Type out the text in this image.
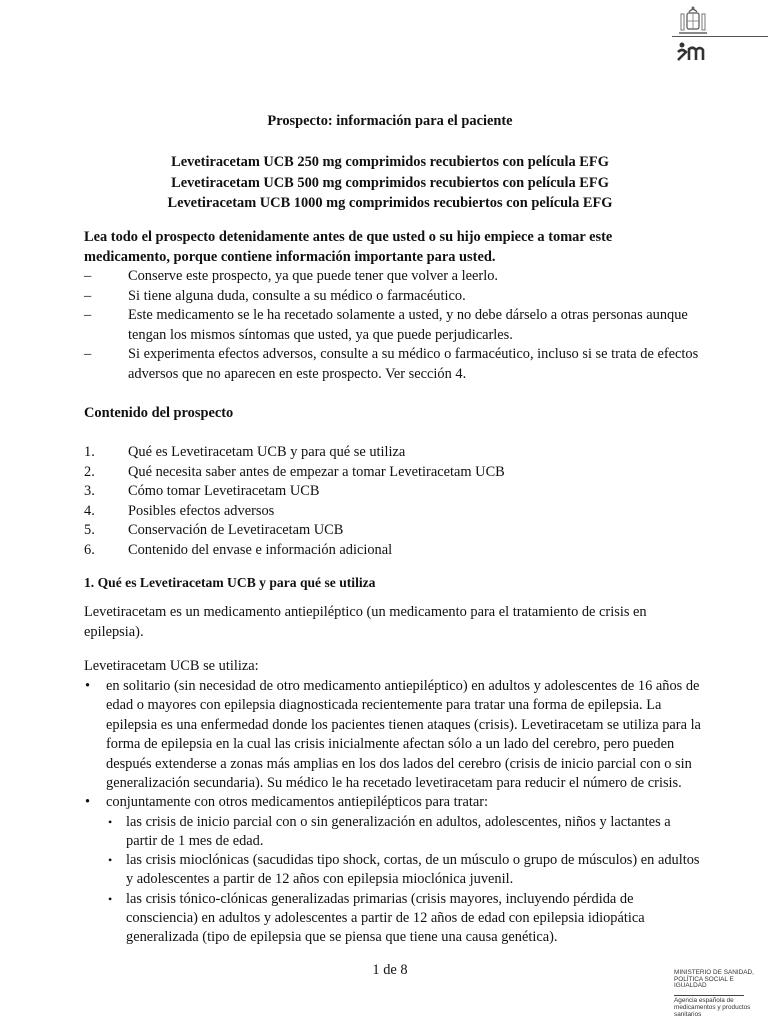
Prospecto: información para el paciente
Levetiracetam UCB 250 mg comprimidos recubiertos con película EFG
Levetiracetam UCB 500 mg comprimidos recubiertos con película EFG
Levetiracetam UCB 1000 mg comprimidos recubiertos con película EFG
Lea todo el prospecto detenidamente antes de que usted o su hijo empiece a tomar este
medicamento, porque contiene información importante para usted.
–	Conserve este prospecto, ya que puede tener que volver a leerlo.
–	Si tiene alguna duda, consulte a su médico o farmacéutico.
–	Este medicamento se le ha recetado solamente a usted, y no debe dárselo a otras personas aunque tengan los mismos síntomas que usted, ya que puede perjudicarles.
–	Si experimenta efectos adversos, consulte a su médico o farmacéutico, incluso si se trata de efectos adversos que no aparecen en este prospecto. Ver sección 4.
Contenido del prospecto
1. Qué es Levetiracetam UCB y para qué se utiliza
2. Qué necesita saber antes de empezar a tomar Levetiracetam UCB
3. Cómo tomar Levetiracetam UCB
4. Posibles efectos adversos
5. Conservación de Levetiracetam UCB
6. Contenido del envase e información adicional
1. Qué es Levetiracetam UCB y para qué se utiliza

Levetiracetam es un medicamento antiepiléptico (un medicamento para el tratamiento de crisis en epilepsia).

Levetiracetam UCB se utiliza:

• en solitario (sin necesidad de otro medicamento antiepiléptico) en adultos y adolescentes de 16 años de edad o mayores con epilepsia diagnosticada recientemente para tratar una forma de epilepsia. La epilepsia es una enfermedad donde los pacientes tienen ataques (crisis). Levetiracetam se utiliza para la forma de epilepsia en la cual las crisis inicialmente afectan sólo a un lado del cerebro, pero pueden después extenderse a zonas más amplias en los dos lados del cerebro (crisis de inicio parcial con o sin generalización secundaria). Su médico le ha recetado levetiracetam para reducir el número de crisis.
• conjuntamente con otros medicamentos antiepilépticos para tratar:
• las crisis de inicio parcial con o sin generalización en adultos, adolescentes, niños y lactantes a partir de 1 mes de edad.
• las crisis mioclónicas (sacudidas tipo shock, cortas, de un músculo o grupo de músculos) en adultos y adolescentes a partir de 12 años con epilepsia mioclónica juvenil.
• las crisis tónico-clónicas generalizadas primarias (crisis mayores, incluyendo pérdida de consciencia) en adultos y adolescentes a partir de 12 años de edad con epilepsia idiopática generalizada (tipo de epilepsia que se piensa que tiene una causa genética).
1 de 8	MINISTERIO DE SANIDAD, POLÍTICA SOCIAL E IGUALDAD
Agencia española de medicamentos y productos sanitarios
